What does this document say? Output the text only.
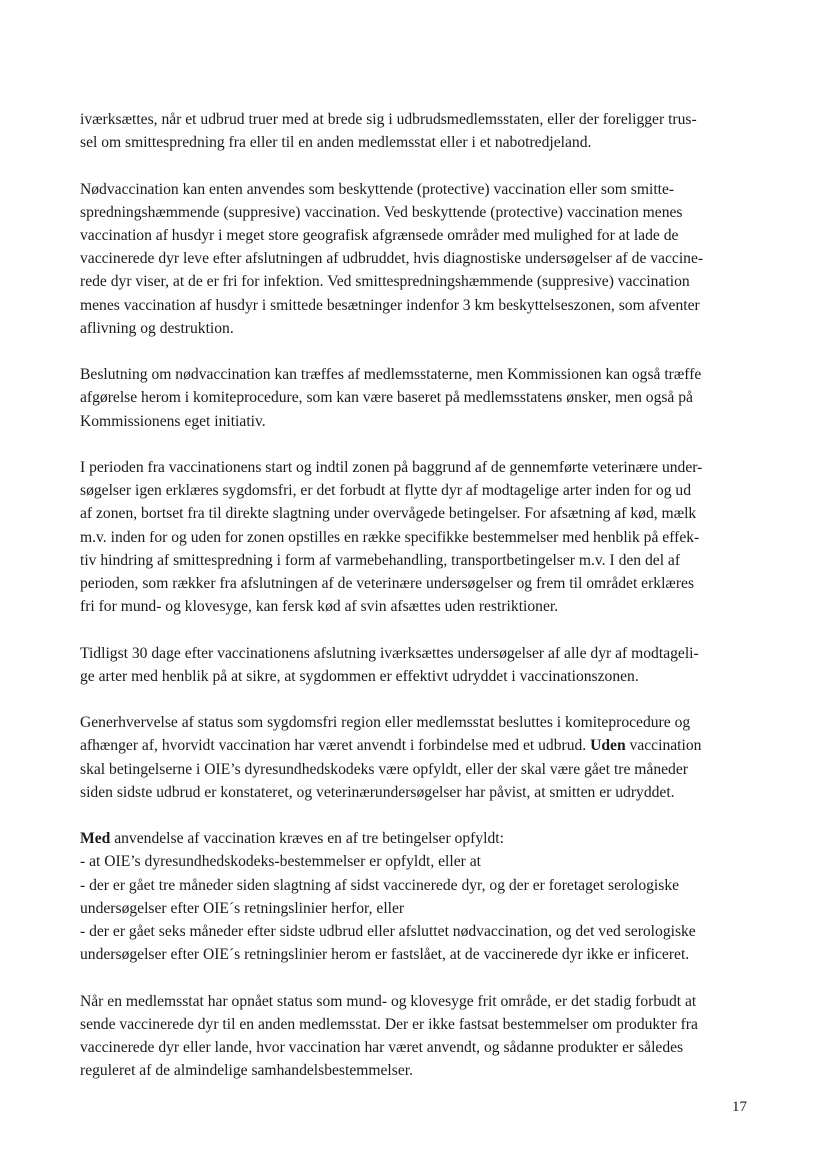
iværksættes, når et udbrud truer med at brede sig i udbrudsmedlemsstaten, eller der foreligger trus-
sel om smittespredning fra eller til en anden medlemsstat eller i et nabotredjeland.

Nødvaccination kan enten anvendes som beskyttende (protective) vaccination eller som smitte-
spredningshæmmende (suppresive) vaccination. Ved beskyttende (protective) vaccination menes
vaccination af husdyr i meget store geografisk afgrænsede områder med mulighed for at lade de
vaccinerede dyr leve efter afslutningen af udbruddet, hvis diagnostiske undersøgelser af de vaccine-
rede dyr viser, at de er fri for infektion. Ved smittespredningshæmmende (suppresive) vaccination
menes vaccination af husdyr i smittede besætninger indenfor 3 km beskyttelseszonen, som afventer
aflivning og destruktion.

Beslutning om nødvaccination kan træffes af medlemsstaterne, men Kommissionen kan også træffe
afgørelse herom i komiteprocedure, som kan være baseret på medlemsstatens ønsker, men også på
Kommissionens eget initiativ.

I perioden fra vaccinationens start og indtil zonen på baggrund af de gennemførte veterinære under-
søgelser igen erklæres sygdomsfri, er det forbudt at flytte dyr af modtagelige arter inden for og ud
af zonen, bortset fra til direkte slagtning under overvågede betingelser. For afsætning af kød, mælk
m.v. inden for og uden for zonen opstilles en række specifikke bestemmelser med henblik på effek-
tiv hindring af smittespredning i form af varmebehandling, transportbetingelser m.v. I den del af
perioden, som rækker fra afslutningen af de veterinære undersøgelser og frem til området erklæres
fri for mund- og klovesyge, kan fersk kød af svin afsættes uden restriktioner.

Tidligst 30 dage efter vaccinationens afslutning iværksættes undersøgelser af alle dyr af modtageli-
ge arter med henblik på at sikre, at sygdommen er effektivt udryddet i vaccinationszonen.

Generhvervelse af status som sygdomsfri region eller medlemsstat besluttes i komiteprocedure og
afhænger af, hvorvidt vaccination har været anvendt i forbindelse med et udbrud. Uden vaccination
skal betingelserne i OIE’s dyresundhedskodeks være opfyldt, eller der skal være gået tre måneder
siden sidste udbrud er konstateret, og veterinærundersøgelser har påvist, at smitten er udryddet.

Med anvendelse af vaccination kræves en af tre betingelser opfyldt:
- at OIE’s dyresundhedskodeks-bestemmelser er opfyldt, eller at
- der er gået tre måneder siden slagtning af sidst vaccinerede dyr, og der er foretaget serologiske
undersøgelser efter OIE´s retningslinier herfor, eller
- der er gået seks måneder efter sidste udbrud eller afsluttet nødvaccination, og det ved serologiske
undersøgelser efter OIE´s retningslinier herom er fastslået, at de vaccinerede dyr ikke er inficeret.

Når en medlemsstat har opnået status som mund- og klovesyge frit område, er det stadig forbudt at
sende vaccinerede dyr til en anden medlemsstat. Der er ikke fastsat bestemmelser om produkter fra
vaccinerede dyr eller lande, hvor vaccination har været anvendt, og sådanne produkter er således
reguleret af de almindelige samhandelsbestemmelser.

17
